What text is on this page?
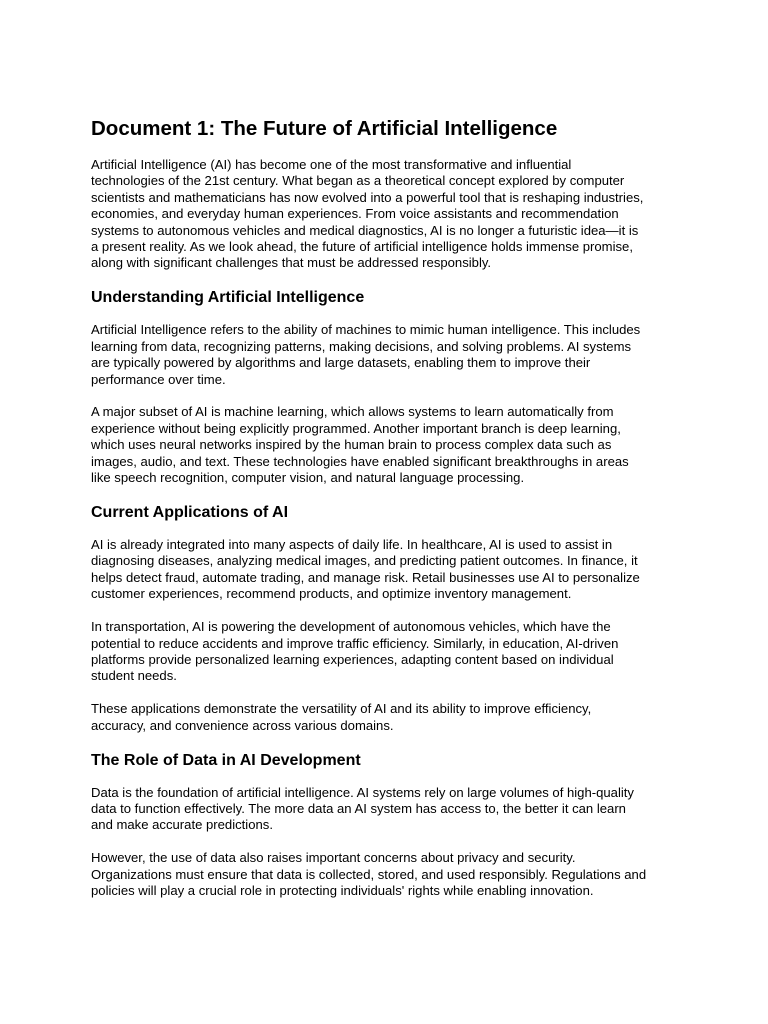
Document 1: The Future of Artificial Intelligence

Artificial Intelligence (AI) has become one of the most transformative and influential
technologies of the 21st century. What began as a theoretical concept explored by computer
scientists and mathematicians has now evolved into a powerful tool that is reshaping industries,
economies, and everyday human experiences. From voice assistants and recommendation
systems to autonomous vehicles and medical diagnostics, AI is no longer a futuristic idea—it is
a present reality. As we look ahead, the future of artificial intelligence holds immense promise,
along with significant challenges that must be addressed responsibly.

Understanding Artificial Intelligence

Artificial Intelligence refers to the ability of machines to mimic human intelligence. This includes
learning from data, recognizing patterns, making decisions, and solving problems. AI systems
are typically powered by algorithms and large datasets, enabling them to improve their
performance over time.

A major subset of AI is machine learning, which allows systems to learn automatically from
experience without being explicitly programmed. Another important branch is deep learning,
which uses neural networks inspired by the human brain to process complex data such as
images, audio, and text. These technologies have enabled significant breakthroughs in areas
like speech recognition, computer vision, and natural language processing.

Current Applications of AI

AI is already integrated into many aspects of daily life. In healthcare, AI is used to assist in
diagnosing diseases, analyzing medical images, and predicting patient outcomes. In finance, it
helps detect fraud, automate trading, and manage risk. Retail businesses use AI to personalize
customer experiences, recommend products, and optimize inventory management.

In transportation, AI is powering the development of autonomous vehicles, which have the
potential to reduce accidents and improve traffic efficiency. Similarly, in education, AI-driven
platforms provide personalized learning experiences, adapting content based on individual
student needs.

These applications demonstrate the versatility of AI and its ability to improve efficiency,
accuracy, and convenience across various domains.

The Role of Data in AI Development

Data is the foundation of artificial intelligence. AI systems rely on large volumes of high-quality
data to function effectively. The more data an AI system has access to, the better it can learn
and make accurate predictions.

However, the use of data also raises important concerns about privacy and security.
Organizations must ensure that data is collected, stored, and used responsibly. Regulations and
policies will play a crucial role in protecting individuals' rights while enabling innovation.
